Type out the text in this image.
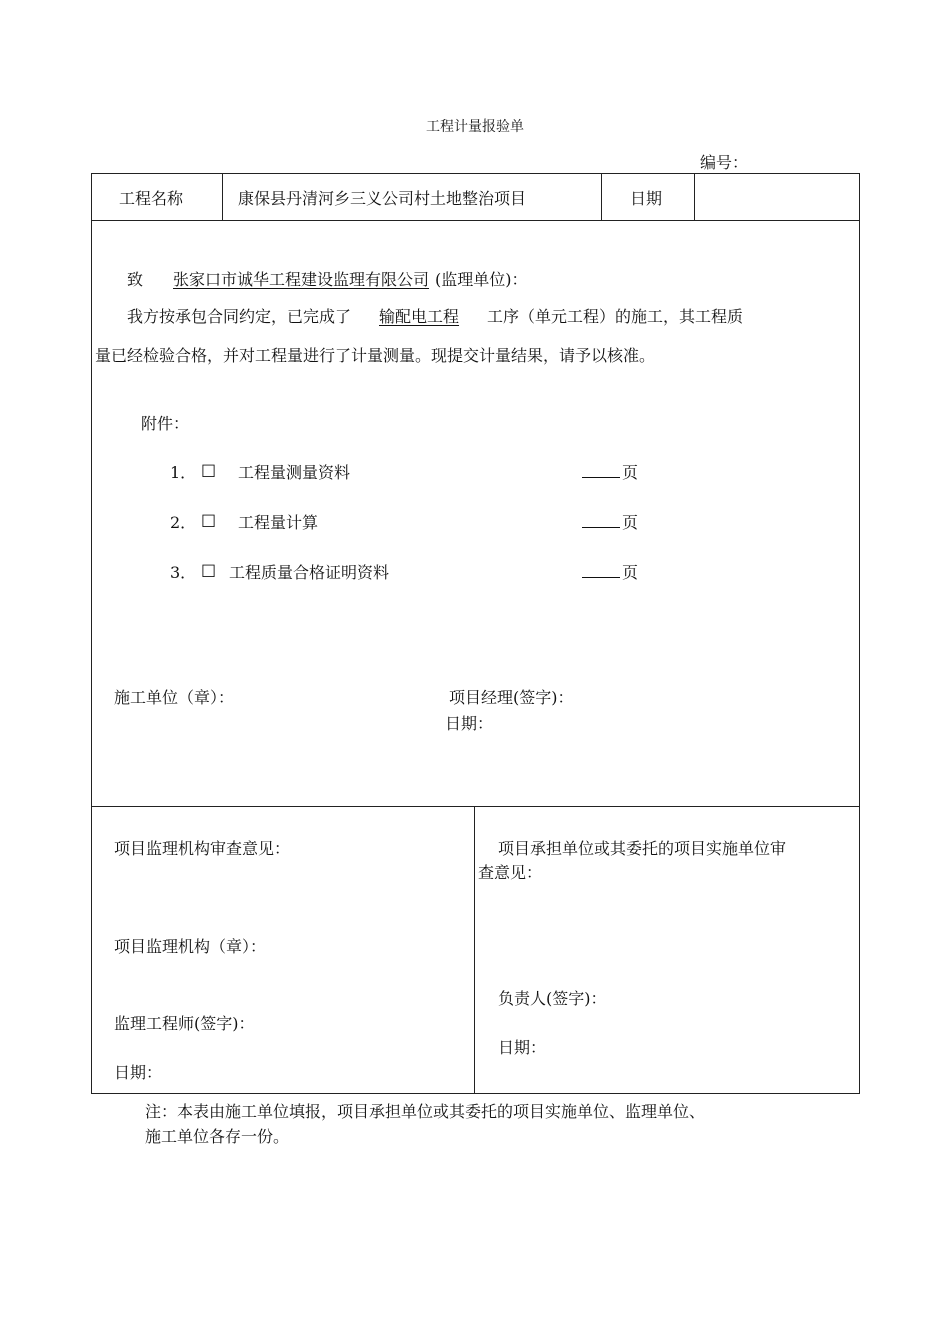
工程计量报验单
编号：
工程名称	康保县丹清河乡三义公司村土地整治项目	日期
致 张家口市诚华工程建设监理有限公司 (监理单位)：
我方按承包合同约定，已完成了 输配电工程 工序（单元工程）的施工，其工程质
量已经检验合格，并对工程量进行了计量测量。现提交计量结果，请予以核准。
附件：
1． □ 工程量测量资料	页
2． □ 工程量计算	页
3． □ 工程质量合格证明资料	页
施工单位（章）：	项目经理(签字)：
日期：
项目监理机构审查意见：
项目监理机构（章）：
监理工程师(签字)：
日期：
项目承担单位或其委托的项目实施单位审
查意见：
负责人(签字)：
日期：
注：本表由施工单位填报，项目承担单位或其委托的项目实施单位、监理单位、
施工单位各存一份。
